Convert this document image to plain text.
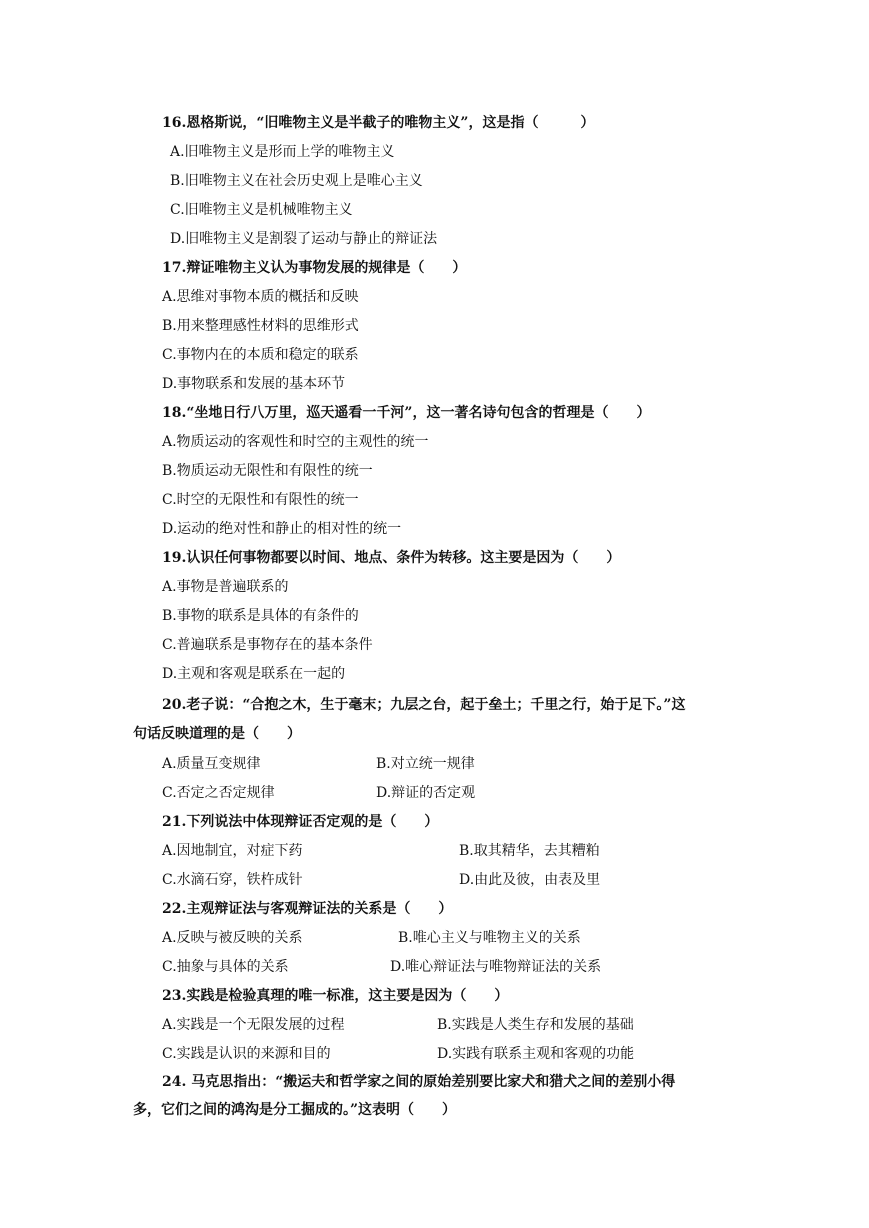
16.恩格斯说，“旧唯物主义是半截子的唯物主义”，这是指（　　　）
A.旧唯物主义是形而上学的唯物主义
B.旧唯物主义在社会历史观上是唯心主义
C.旧唯物主义是机械唯物主义
D.旧唯物主义是割裂了运动与静止的辩证法
17.辩证唯物主义认为事物发展的规律是（　　）
A.思维对事物本质的概括和反映
B.用来整理感性材料的思维形式
C.事物内在的本质和稳定的联系
D.事物联系和发展的基本环节
18.“坐地日行八万里，巡天遥看一千河”，这一著名诗句包含的哲理是（　　）
A.物质运动的客观性和时空的主观性的统一
B.物质运动无限性和有限性的统一
C.时空的无限性和有限性的统一
D.运动的绝对性和静止的相对性的统一
19.认识任何事物都要以时间、地点、条件为转移。这主要是因为（　　）
A.事物是普遍联系的
B.事物的联系是具体的有条件的
C.普遍联系是事物存在的基本条件
D.主观和客观是联系在一起的
20.老子说：“合抱之木，生于毫末；九层之台，起于垒土；千里之行，始于足下。”这
句话反映道理的是（　　）
A.质量互变规律	B.对立统一规律
C.否定之否定规律	D.辩证的否定观
21.下列说法中体现辩证否定观的是（　　）
A.因地制宜，对症下药	B.取其精华，去其糟粕
C.水滴石穿，铁杵成针	D.由此及彼，由表及里
22.主观辩证法与客观辩证法的关系是（　　）
A.反映与被反映的关系	B.唯心主义与唯物主义的关系
C.抽象与具体的关系	D.唯心辩证法与唯物辩证法的关系
23.实践是检验真理的唯一标准，这主要是因为（　　）
A.实践是一个无限发展的过程	B.实践是人类生存和发展的基础
C.实践是认识的来源和目的	D.实践有联系主观和客观的功能
24. 马克思指出：“搬运夫和哲学家之间的原始差别要比家犬和猎犬之间的差别小得
多，它们之间的鸿沟是分工掘成的。”这表明（　　）
